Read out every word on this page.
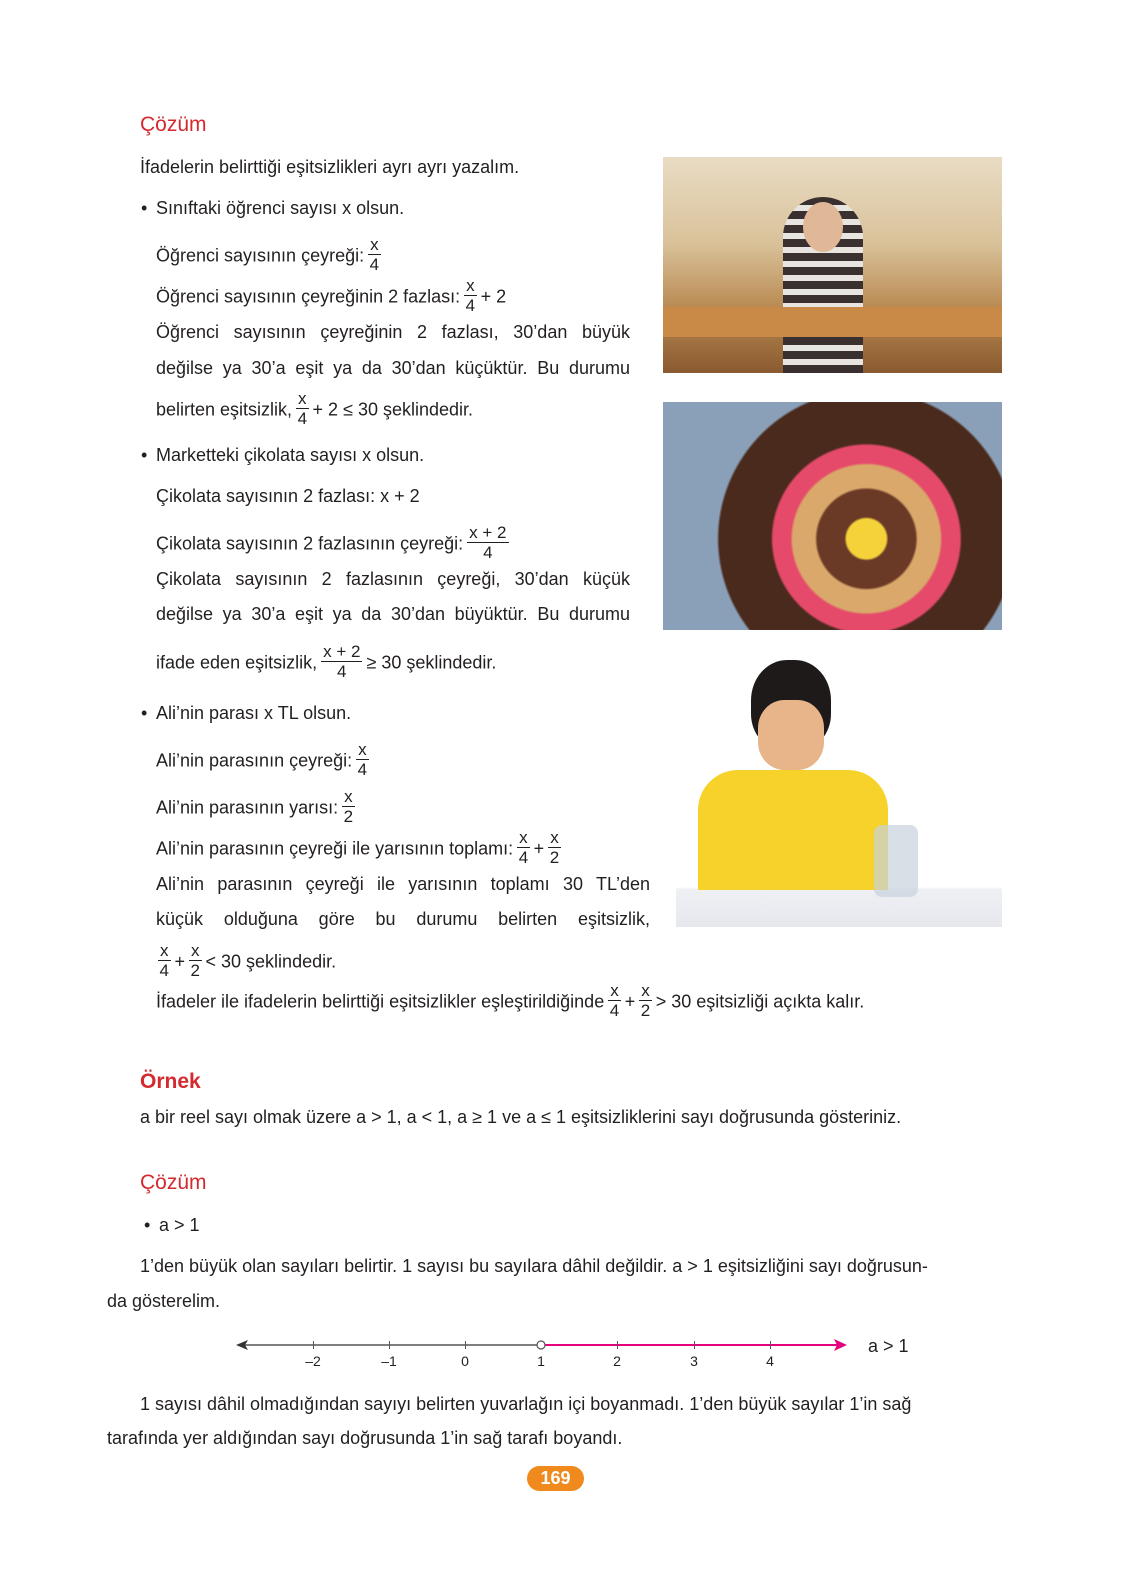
Çözüm
İfadelerin belirttiği eşitsizlikleri ayrı ayrı yazalım.
• Sınıftaki öğrenci sayısı x olsun.
Öğrenci sayısının çeyreği: $\frac{x}{4}$
Öğrenci sayısının çeyreğinin 2 fazlası: $\frac{x}{4} + 2$
Öğrenci sayısının çeyreğinin 2 fazlası, 30’dan büyük
değilse ya 30’a eşit ya da 30’dan küçüktür. Bu durumu
belirten eşitsizlik, $\frac{x}{4} + 2 \le 30$ şeklindedir.
• Marketteki çikolata sayısı x olsun.
Çikolata sayısının 2 fazlası: x + 2
Çikolata sayısının 2 fazlasının çeyreği: $\frac{x + 2}{4}$
Çikolata sayısının 2 fazlasının çeyreği, 30’dan küçük
değilse ya 30’a eşit ya da 30’dan büyüktür. Bu durumu
ifade eden eşitsizlik, $\frac{x + 2}{4} \ge 30$ şeklindedir.
• Ali’nin parası x TL olsun.
Ali’nin parasının çeyreği: $\frac{x}{4}$
Ali’nin parasının yarısı: $\frac{x}{2}$
Ali’nin parasının çeyreği ile yarısının toplamı: $\frac{x}{4} + \frac{x}{2}$
Ali’nin parasının çeyreği ile yarısının toplamı 30 TL’den
küçük olduğuna göre bu durumu belirten eşitsizlik,
$\frac{x}{4} + \frac{x}{2} < 30$ şeklindedir.
İfadeler ile ifadelerin belirttiği eşitsizlikler eşleştirildiğinde $\frac{x}{4} + \frac{x}{2} > 30$ eşitsizliği açıkta kalır.
Örnek
a bir reel sayı olmak üzere a > 1, a < 1, a ≥ 1 ve a ≤ 1 eşitsizliklerini sayı doğrusunda gösteriniz.
Çözüm
• a > 1
1’den büyük olan sayıları belirtir. 1 sayısı bu sayılara dâhil değildir. a > 1 eşitsizliğini sayı doğrusun-
da gösterelim.
–2	–1	0	1	2	3	4
a > 1
1 sayısı dâhil olmadığından sayıyı belirten yuvarlağın içi boyanmadı. 1’den büyük sayılar 1’in sağ
tarafında yer aldığından sayı doğrusunda 1’in sağ tarafı boyandı.
169
